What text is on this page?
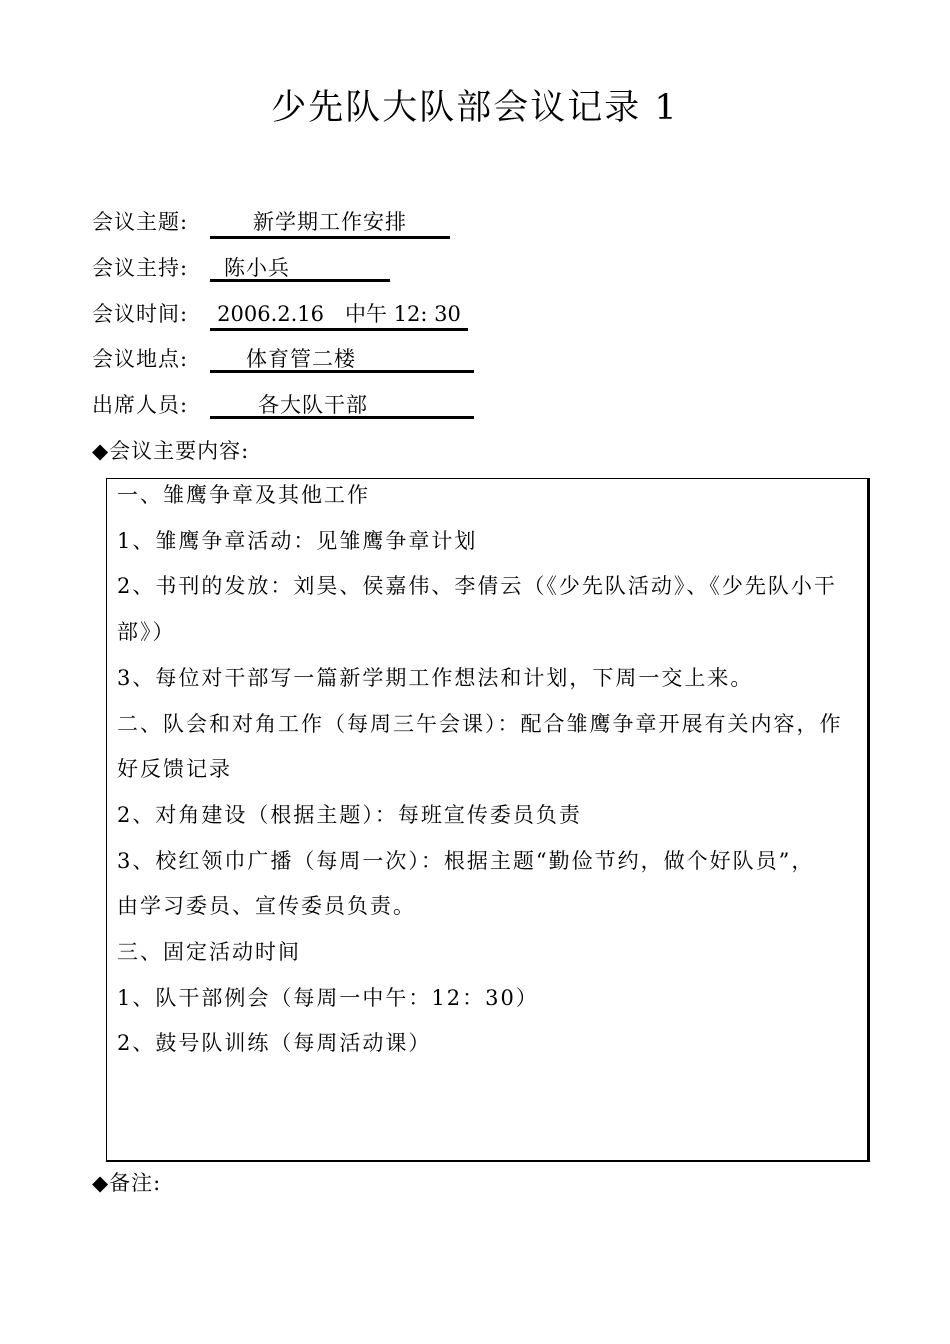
少先队大队部会议记录 1
会议主题:	新学期工作安排
会议主持:	陈小兵
会议时间:	2006.2.16　中午 12: 30
会议地点:	体育管二楼
出席人员:	各大队干部
◆会议主要内容:

一、雏鹰争章及其他工作

1、雏鹰争章活动：见雏鹰争章计划

2、书刊的发放：刘昊、侯嘉伟、李倩云（《少先队活动》、《少先队小干

部》）

3、每位对干部写一篇新学期工作想法和计划，下周一交上来。

二、队会和对角工作（每周三午会课）：配合雏鹰争章开展有关内容，作

好反馈记录

2、对角建设（根据主题）：每班宣传委员负责

3、校红领巾广播（每周一次）：根据主题“勤俭节约，做个好队员”，

由学习委员、宣传委员负责。

三、固定活动时间

1、队干部例会（每周一中午：12：30）

2、鼓号队训练（每周活动课）

◆备注:
